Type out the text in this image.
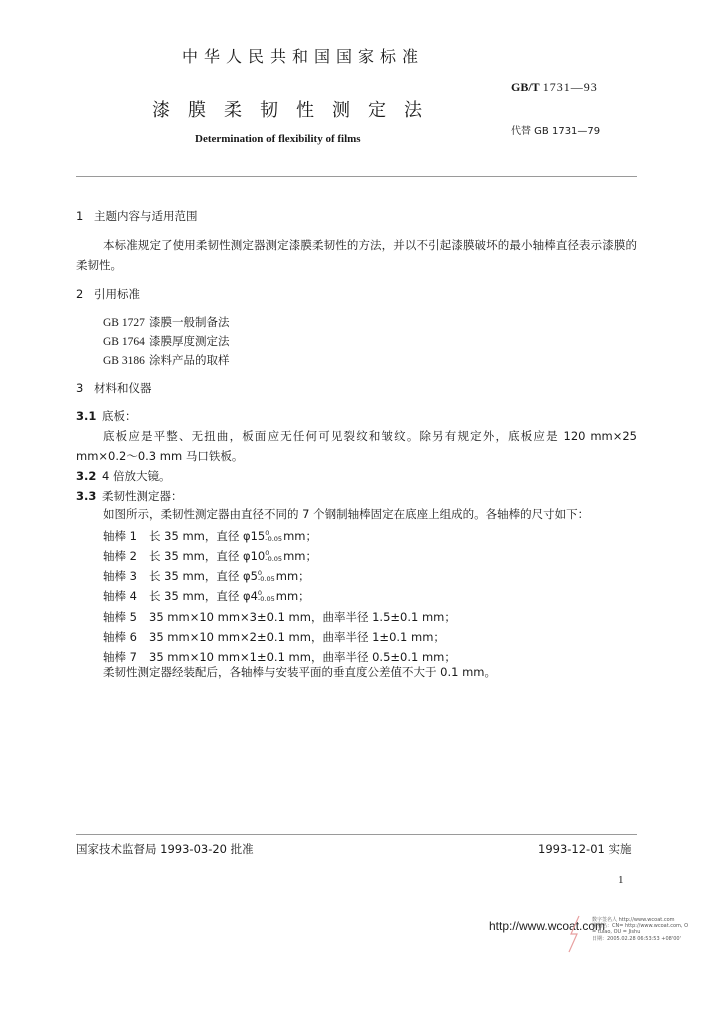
中华人民共和国国家标准
GB/T 1731—93
漆膜柔韧性测定法
代替 GB 1731—79
Determination of flexibility of films
1 主题内容与适用范围
本标准规定了使用柔韧性测定器测定漆膜柔韧性的方法，并以不引起漆膜破坏的最小轴棒直径表示漆膜的柔韧性。
2 引用标准
GB 1727 漆膜一般制备法
GB 1764 漆膜厚度测定法
GB 3186 涂料产品的取样
3 材料和仪器
3.1 底板：
底板应是平整、无扭曲，板面应无任何可见裂纹和皱纹。除另有规定外，底板应是 120 mm×25 mm×0.2～0.3 mm 马口铁板。
3.2 4 倍放大镜。
3.3 柔韧性测定器：
如图所示，柔韧性测定器由直径不同的 7 个钢制轴棒固定在底座上组成的。各轴棒的尺寸如下：
轴棒 1 长 35 mm，直径 φ15 0
-0.05 mm；
轴棒 2 长 35 mm，直径 φ10 0
-0.05 mm；
轴棒 3 长 35 mm，直径 φ5 0
-0.05 mm；
轴棒 4 长 35 mm，直径 φ4 0
-0.05 mm；
轴棒 5 35 mm×10 mm×3±0.1 mm，曲率半径 1.5±0.1 mm；
轴棒 6 35 mm×10 mm×2±0.1 mm，曲率半径 1±0.1 mm；
轴棒 7 35 mm×10 mm×1±0.1 mm，曲率半径 0.5±0.1 mm；
柔韧性测定器经装配后，各轴棒与安装平面的垂直度公差值不大于 0.1 mm。
国家技术监督局 1993-03-20 批准	1993-12-01 实施
1
http://www.wcoat.com
数字签名人 http://www.wcoat.com
辨别名：CN= http://www.wcoat.com, O
= tulao, OU = Jishu
日期：2005.02.28 06:53:53 +08'00'
